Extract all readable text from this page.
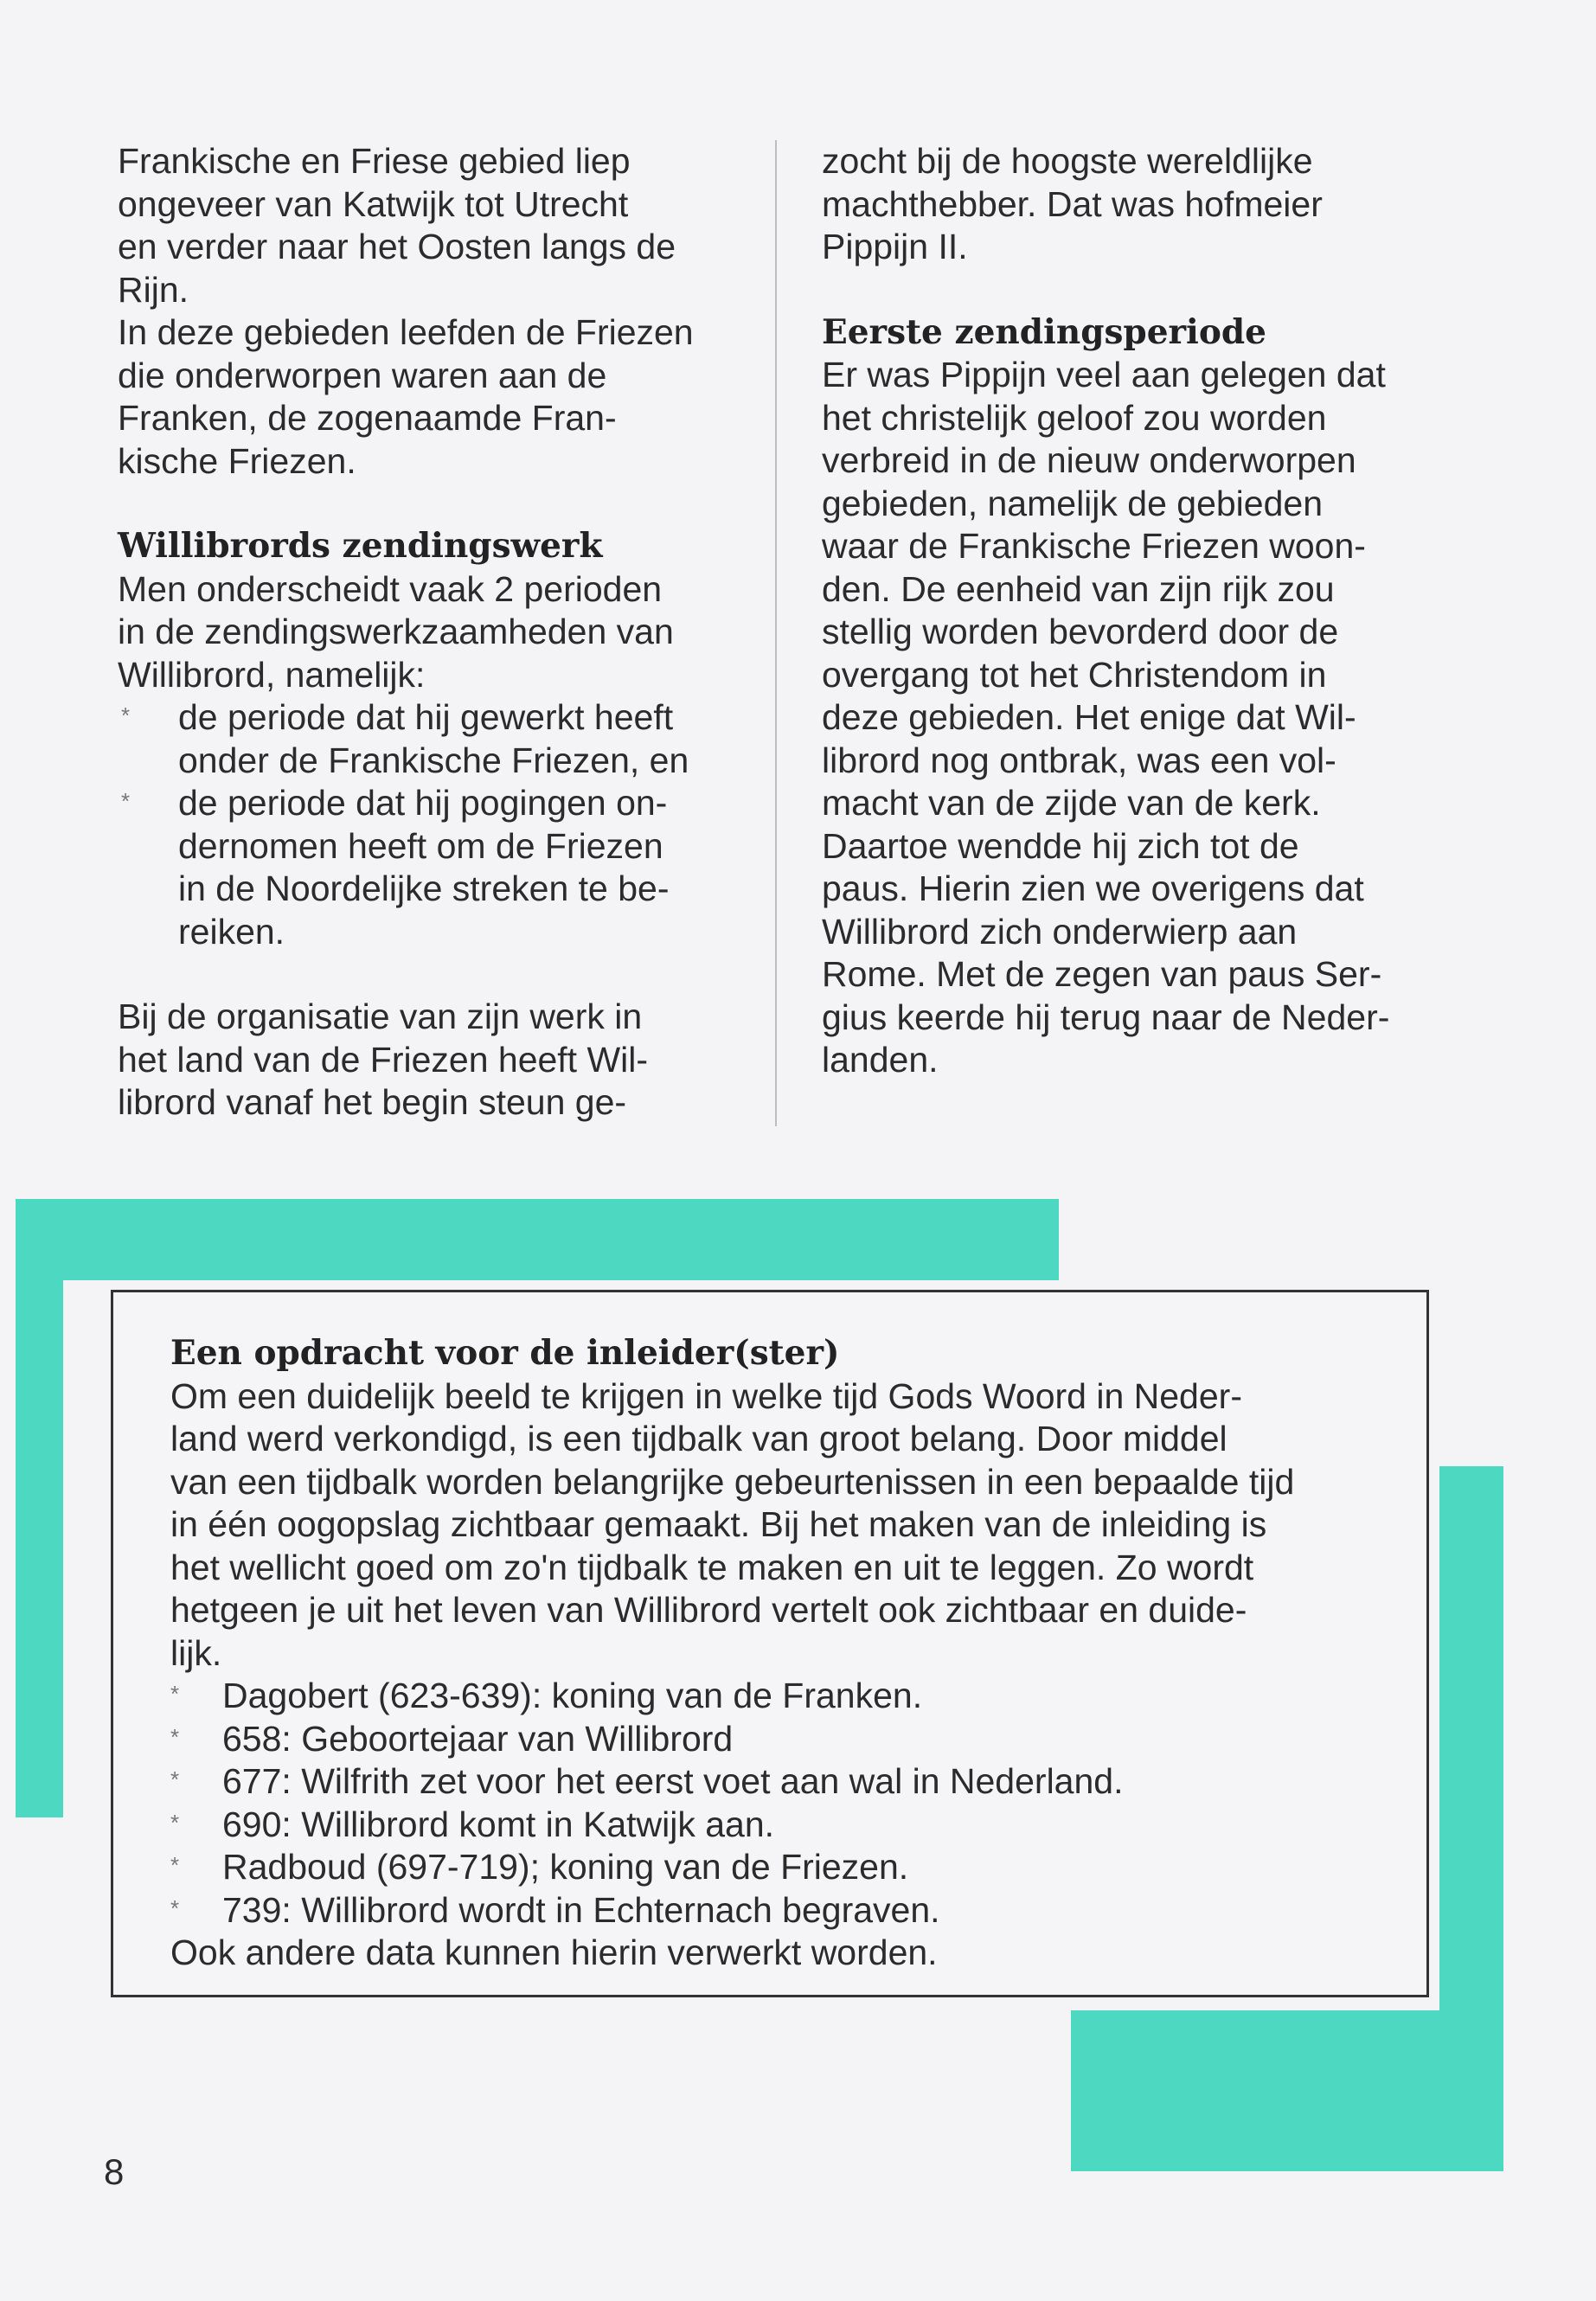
Frankische en Friese gebied liep
ongeveer van Katwijk tot Utrecht
en verder naar het Oosten langs de
Rijn.
In deze gebieden leefden de Friezen
die onderworpen waren aan de
Franken, de zogenaamde Fran-
kische Friezen.

Willibrords zendingswerk

Men onderscheidt vaak 2 perioden
in de zendingswerkzaamheden van
Willibrord, namelijk:

* de periode dat hij gewerkt heeft
onder de Frankische Friezen, en
* de periode dat hij pogingen on-
dernomen heeft om de Friezen
in de Noordelijke streken te be-
reiken.

Bij de organisatie van zijn werk in
het land van de Friezen heeft Wil-
librord vanaf het begin steun ge-

zocht bij de hoogste wereldlijke
machthebber. Dat was hofmeier
Pippijn II.

Eerste zendingsperiode

Er was Pippijn veel aan gelegen dat
het christelijk geloof zou worden
verbreid in de nieuw onderworpen
gebieden, namelijk de gebieden
waar de Frankische Friezen woon-
den. De eenheid van zijn rijk zou
stellig worden bevorderd door de
overgang tot het Christendom in
deze gebieden. Het enige dat Wil-
librord nog ontbrak, was een vol-
macht van de zijde van de kerk.
Daartoe wendde hij zich tot de
paus. Hierin zien we overigens dat
Willibrord zich onderwierp aan
Rome. Met de zegen van paus Ser-
gius keerde hij terug naar de Neder-
landen.

Een opdracht voor de inleider(ster)

Om een duidelijk beeld te krijgen in welke tijd Gods Woord in Neder-
land werd verkondigd, is een tijdbalk van groot belang. Door middel
van een tijdbalk worden belangrijke gebeurtenissen in een bepaalde tijd
in één oogopslag zichtbaar gemaakt. Bij het maken van de inleiding is
het wellicht goed om zo'n tijdbalk te maken en uit te leggen. Zo wordt
hetgeen je uit het leven van Willibrord vertelt ook zichtbaar en duide-
lijk.

* Dagobert (623-639): koning van de Franken.
* 658: Geboortejaar van Willibrord
* 677: Wilfrith zet voor het eerst voet aan wal in Nederland.
* 690: Willibrord komt in Katwijk aan.
* Radboud (697-719); koning van de Friezen.
* 739: Willibrord wordt in Echternach begraven.

Ook andere data kunnen hierin verwerkt worden.

8
